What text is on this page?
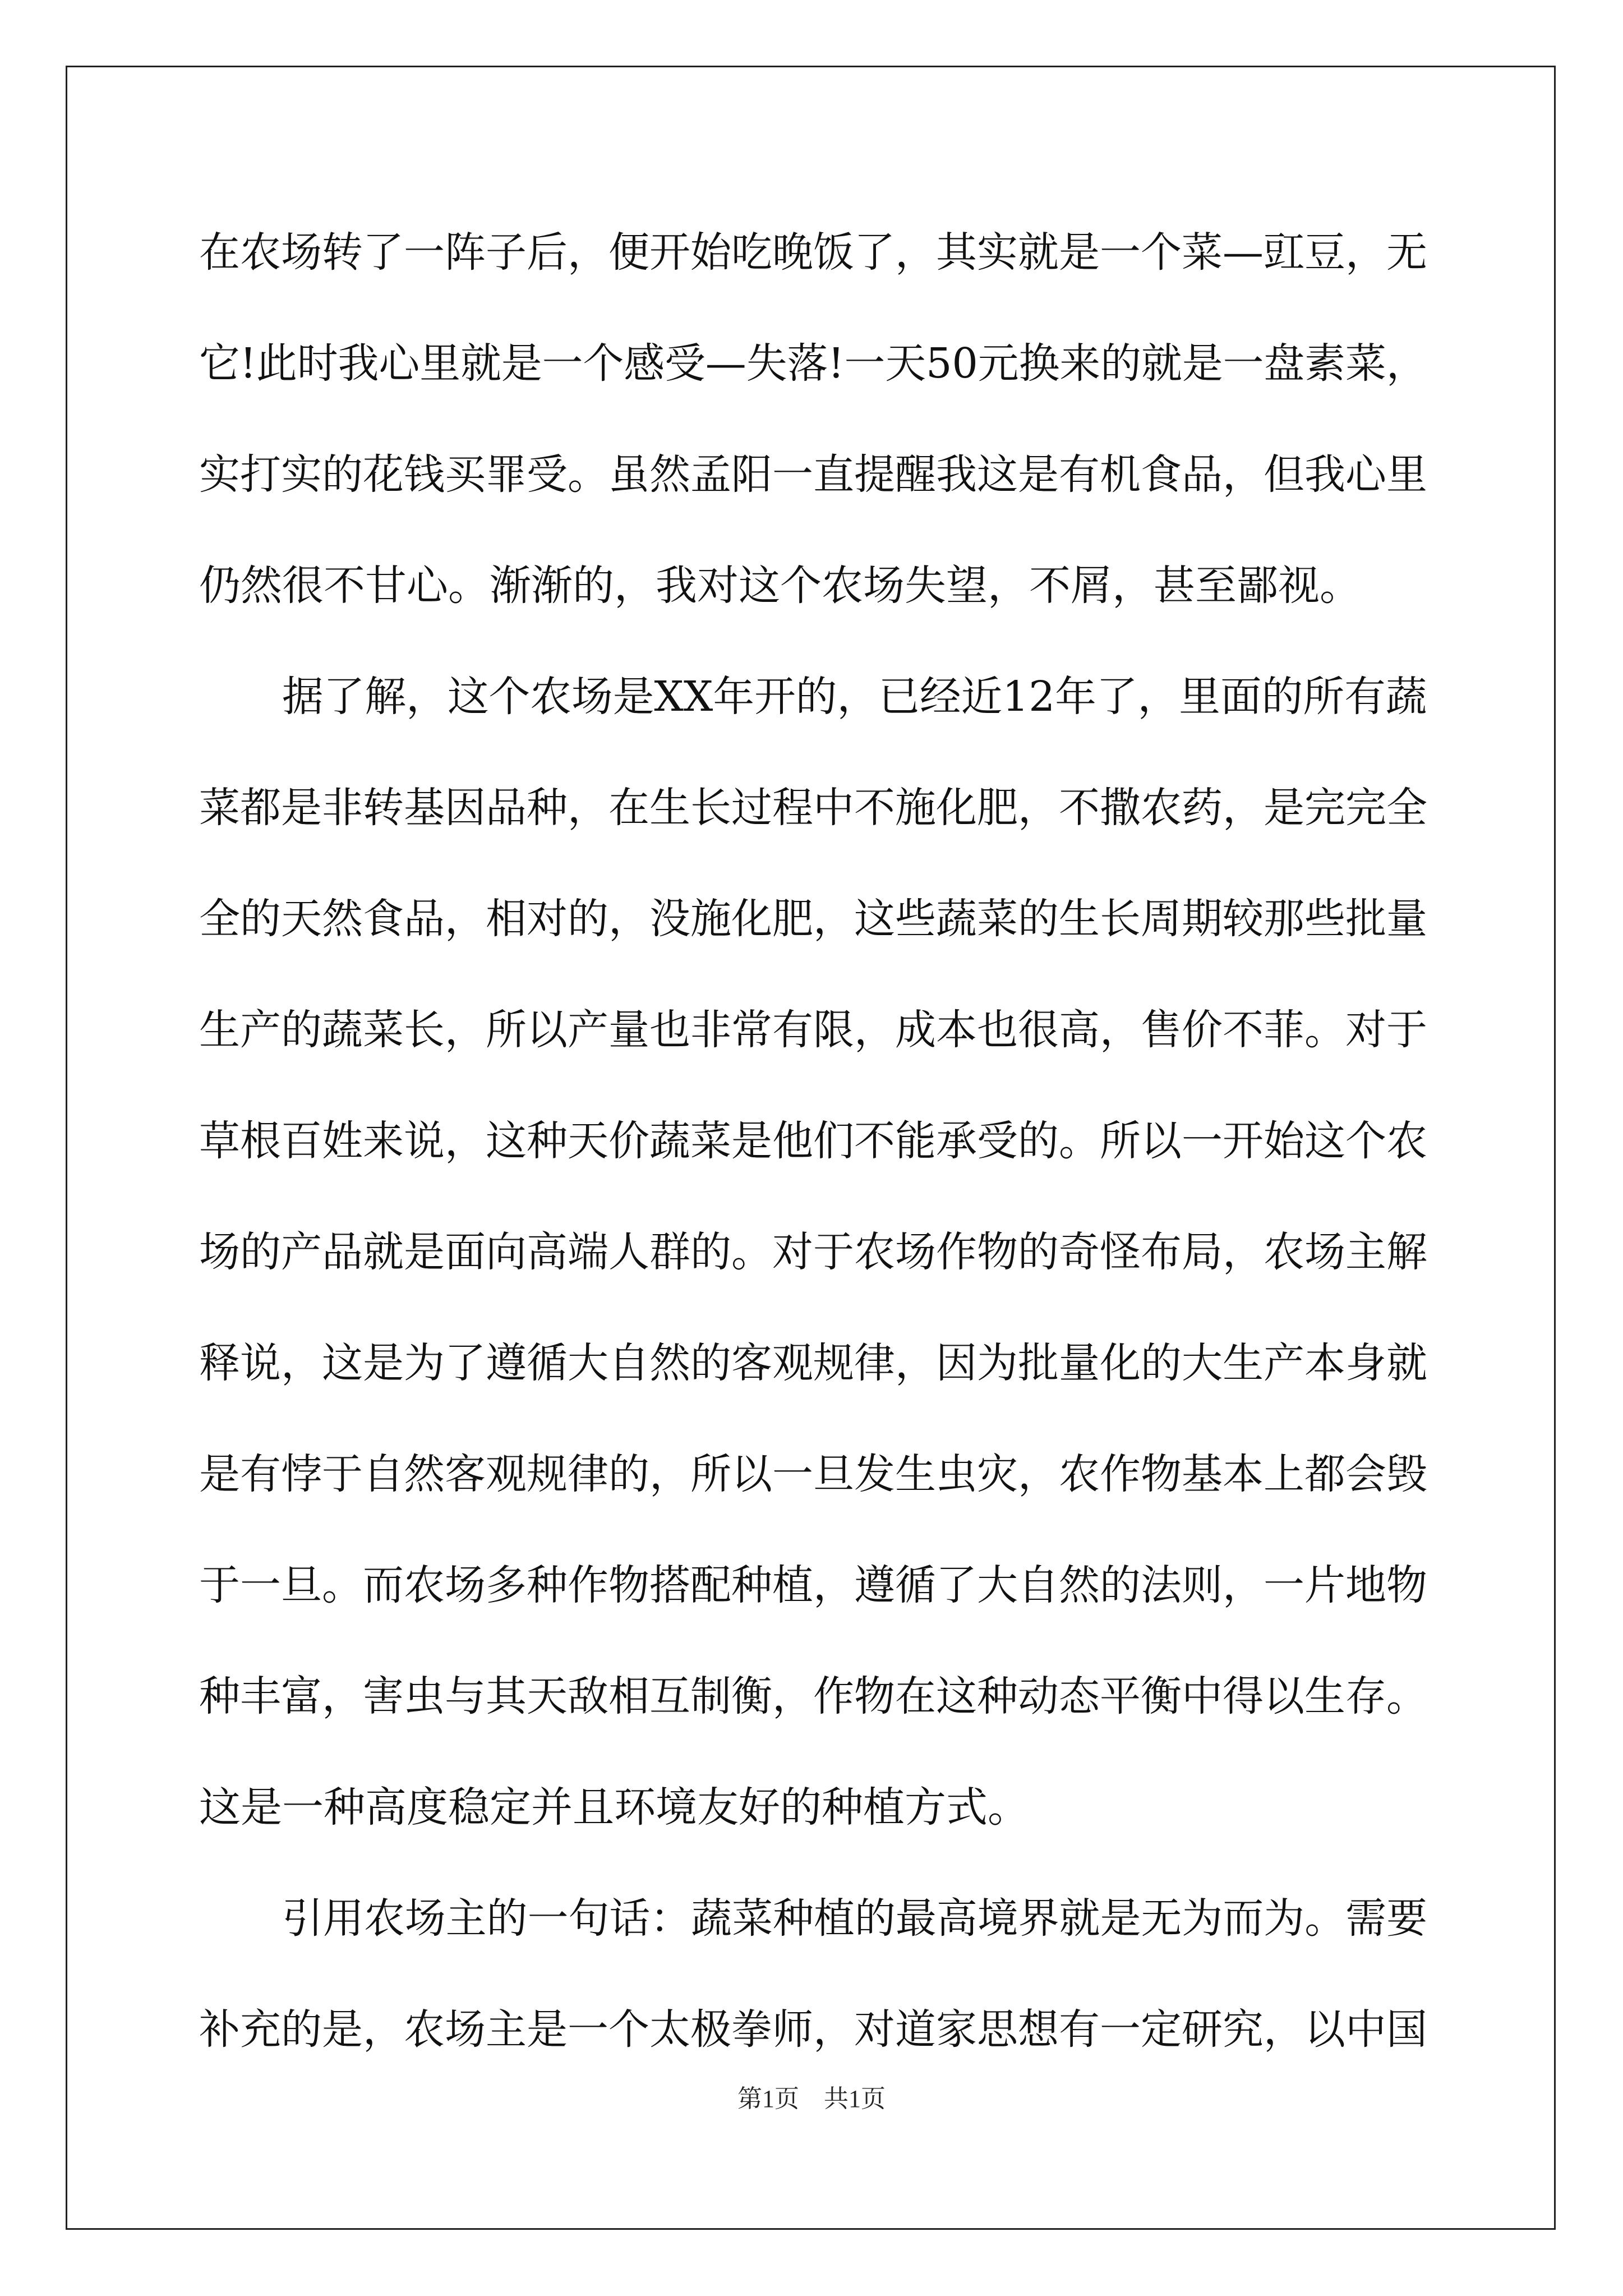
在农场转了一阵子后，便开始吃晚饭了，其实就是一个菜—豇豆，无
它!此时我心里就是一个感受—失落!一天50元换来的就是一盘素菜，
实打实的花钱买罪受。虽然孟阳一直提醒我这是有机食品，但我心里
仍然很不甘心。渐渐的，我对这个农场失望，不屑，甚至鄙视。
据了解，这个农场是XX年开的，已经近12年了，里面的所有蔬
菜都是非转基因品种，在生长过程中不施化肥，不撒农药，是完完全
全的天然食品，相对的，没施化肥，这些蔬菜的生长周期较那些批量
生产的蔬菜长，所以产量也非常有限，成本也很高，售价不菲。对于
草根百姓来说，这种天价蔬菜是他们不能承受的。所以一开始这个农
场的产品就是面向高端人群的。对于农场作物的奇怪布局，农场主解
释说，这是为了遵循大自然的客观规律，因为批量化的大生产本身就
是有悖于自然客观规律的，所以一旦发生虫灾，农作物基本上都会毁
于一旦。而农场多种作物搭配种植，遵循了大自然的法则，一片地物
种丰富，害虫与其天敌相互制衡，作物在这种动态平衡中得以生存。
这是一种高度稳定并且环境友好的种植方式。
引用农场主的一句话：蔬菜种植的最高境界就是无为而为。需要
补充的是，农场主是一个太极拳师，对道家思想有一定研究，以中国
第1页　共1页
